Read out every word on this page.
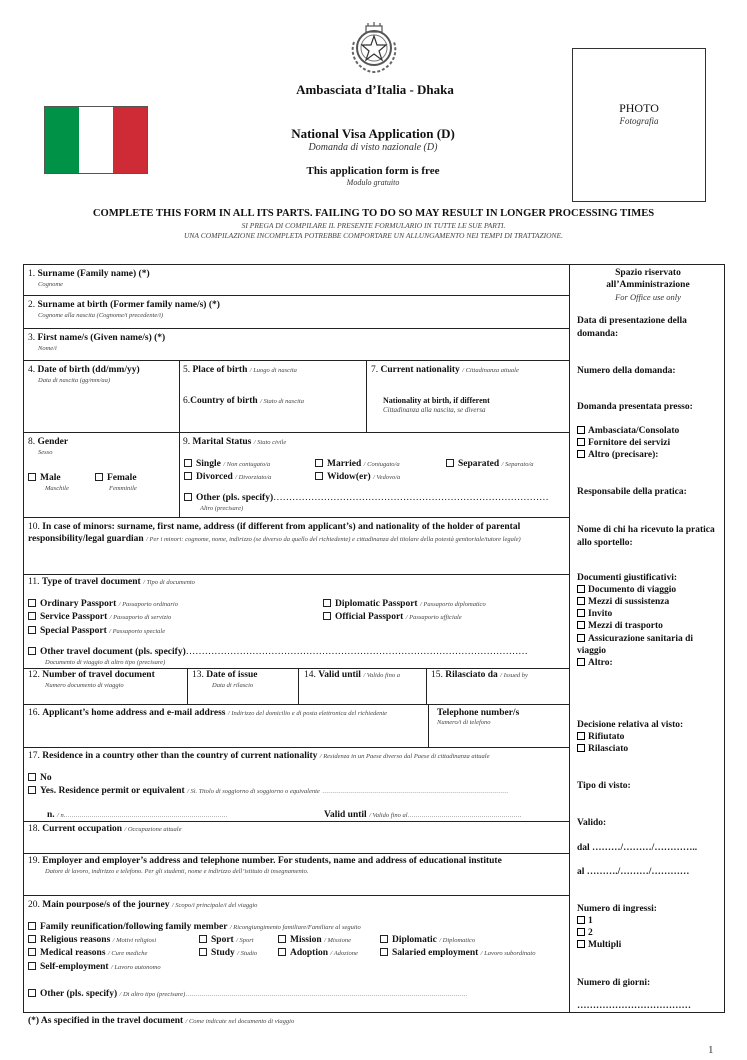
Ambasciata d’Italia - Dhaka
National Visa Application (D)
Domanda di visto nazionale (D)
This application form is free
Modulo gratuito
PHOTO
Fotografia
COMPLETE THIS FORM IN ALL ITS PARTS. FAILING TO DO SO MAY RESULT IN LONGER PROCESSING TIMES
SI PREGA DI COMPILARE IL PRESENTE FORMULARIO IN TUTTE LE SUE PARTI.
UNA COMPILAZIONE INCOMPLETA POTREBBE COMPORTARE UN ALLUNGAMENTO NEI TEMPI DI TRATTAZIONE.
1. Surname (Family name) (*)
Cognome
2. Surname at birth (Former family name/s) (*)
Cognome alla nascita (Cognome/i precedente/i)
3. First name/s (Given name/s) (*)
Nome/i
4. Date of birth (dd/mm/yy)
Data di nascita (gg/mm/aa)
5. Place of birth / Luogo di nascita
6.Country of birth / Stato di nascita
7. Current nationality / Cittadinanza attuale
Nationality at birth, if different
Cittadinanza alla nascita, se diversa
8. Gender
Sesso
Male
Maschile
Female
Femminile
9. Marital Status / Stato civile
Single / Non coniugato/a	Married / Coniugato/a	Separated / Separato/a
Divorced / Divorziato/a	Widow(er) / Vedovo/a
Other (pls. specify)……………………………………………………………………………
Altro (precisare)
10. In case of minors: surname, first name, address (if different from applicant’s) and nationality of the holder of parental responsibility/legal guardian / Per i minori: cognome, nome, indirizzo (se diverso da quello del richiedente) e cittadinanza del titolare della potestà genitoriale/tutore legale)
11. Type of travel document / Tipo di documento
Ordinary Passport / Passaporto ordinario
Service Passport / Passaporto di servizio
Special Passport / Passaporto speciale
Diplomatic Passport / Passaporto diplomatico
Official Passport / Passaporto ufficiale
Other travel document (pls. specify)………………………………………………………………………………………………
Documento di viaggio di altro tipo (precisare)
12. Number of travel document
Numero documento di viaggio
13. Date of issue
Data di rilascio
14. Valid until / Valido fino a	15. Rilasciato da / Issued by
16. Applicant’s home address and e-mail address / Indirizzo del domicilio e di posta elettronica del richiedente	Telephone number/s
Numero/i di telefono
17. Residence in a country other than the country of current nationality / Residenza in un Paese diverso dal Paese di cittadinanza attuale
No
Yes. Residence permit or equivalent / Sì. Titolo di soggiorno di soggiorno o equivalente …………………………………………………………………………………
n. / n.………………………………………………………………………	Valid until / Valido fino al…………………………………………………
18. Current occupation / Occupazione attuale
19. Employer and employer’s address and telephone number. For students, name and address of educational institute
Datore di lavoro, indirizzo e telefono. Per gli studenti, nome e indirizzo dell’istituto di insegnamento.
20. Main pourpose/s of the journey / Scopo/i principale/i del viaggio
Family reunification/following family member / Ricongiungimento familiare/Familiare al seguito
Religious reasons / Motivi religiosi	Sport / Sport	Mission / Missione	Diplomatic / Diplomatico
Medical reasons / Cure mediche	Study / Studio	Adoption / Adozione	Salaried employment / Lavoro subordinato
Self-employment / Lavoro autonomo
Other (pls. specify) / Di altro tipo (precisare)……………………………………………………………………………………………………………………………
(*) As specified in the travel document / Come indicate nel documento di viaggio
1
Spazio riservato
all’Amministrazione
For Office use only
Data di presentazione della domanda:
Numero della domanda:
Domanda presentata presso:
Ambasciata/Consolato
Fornitore dei servizi
Altro (precisare):
Responsabile della pratica:
Nome di chi ha ricevuto la pratica allo sportello:
Documenti giustificativi:
Documento di viaggio
Mezzi di sussistenza
Invito
Mezzi di trasporto
Assicurazione sanitaria di viaggio
Altro:
Decisione relativa al visto:
Rifiutato
Rilasciato
Tipo di visto:
Valido:
dal ………/………/…………..
al ………./………/…………
Numero di ingressi:
1
2
Multipli
Numero di giorni:
………………………………
